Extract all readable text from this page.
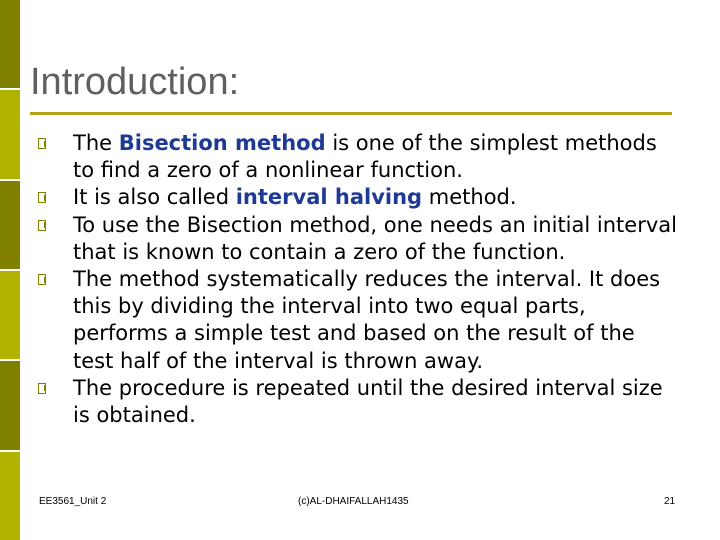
Introduction:
The Bisection method is one of the simplest methods to find a zero of a nonlinear function.
It is also called interval halving method.
To use the Bisection method, one needs an initial interval that is known to contain a zero of the function.
The method systematically reduces the interval. It does this by dividing the interval into two equal parts, performs a simple test and based on the result of the test half of the interval is thrown away.
The procedure is repeated until the desired interval size is obtained.
EE3561_Unit 2	(c)AL-DHAIFALLAH1435	21
